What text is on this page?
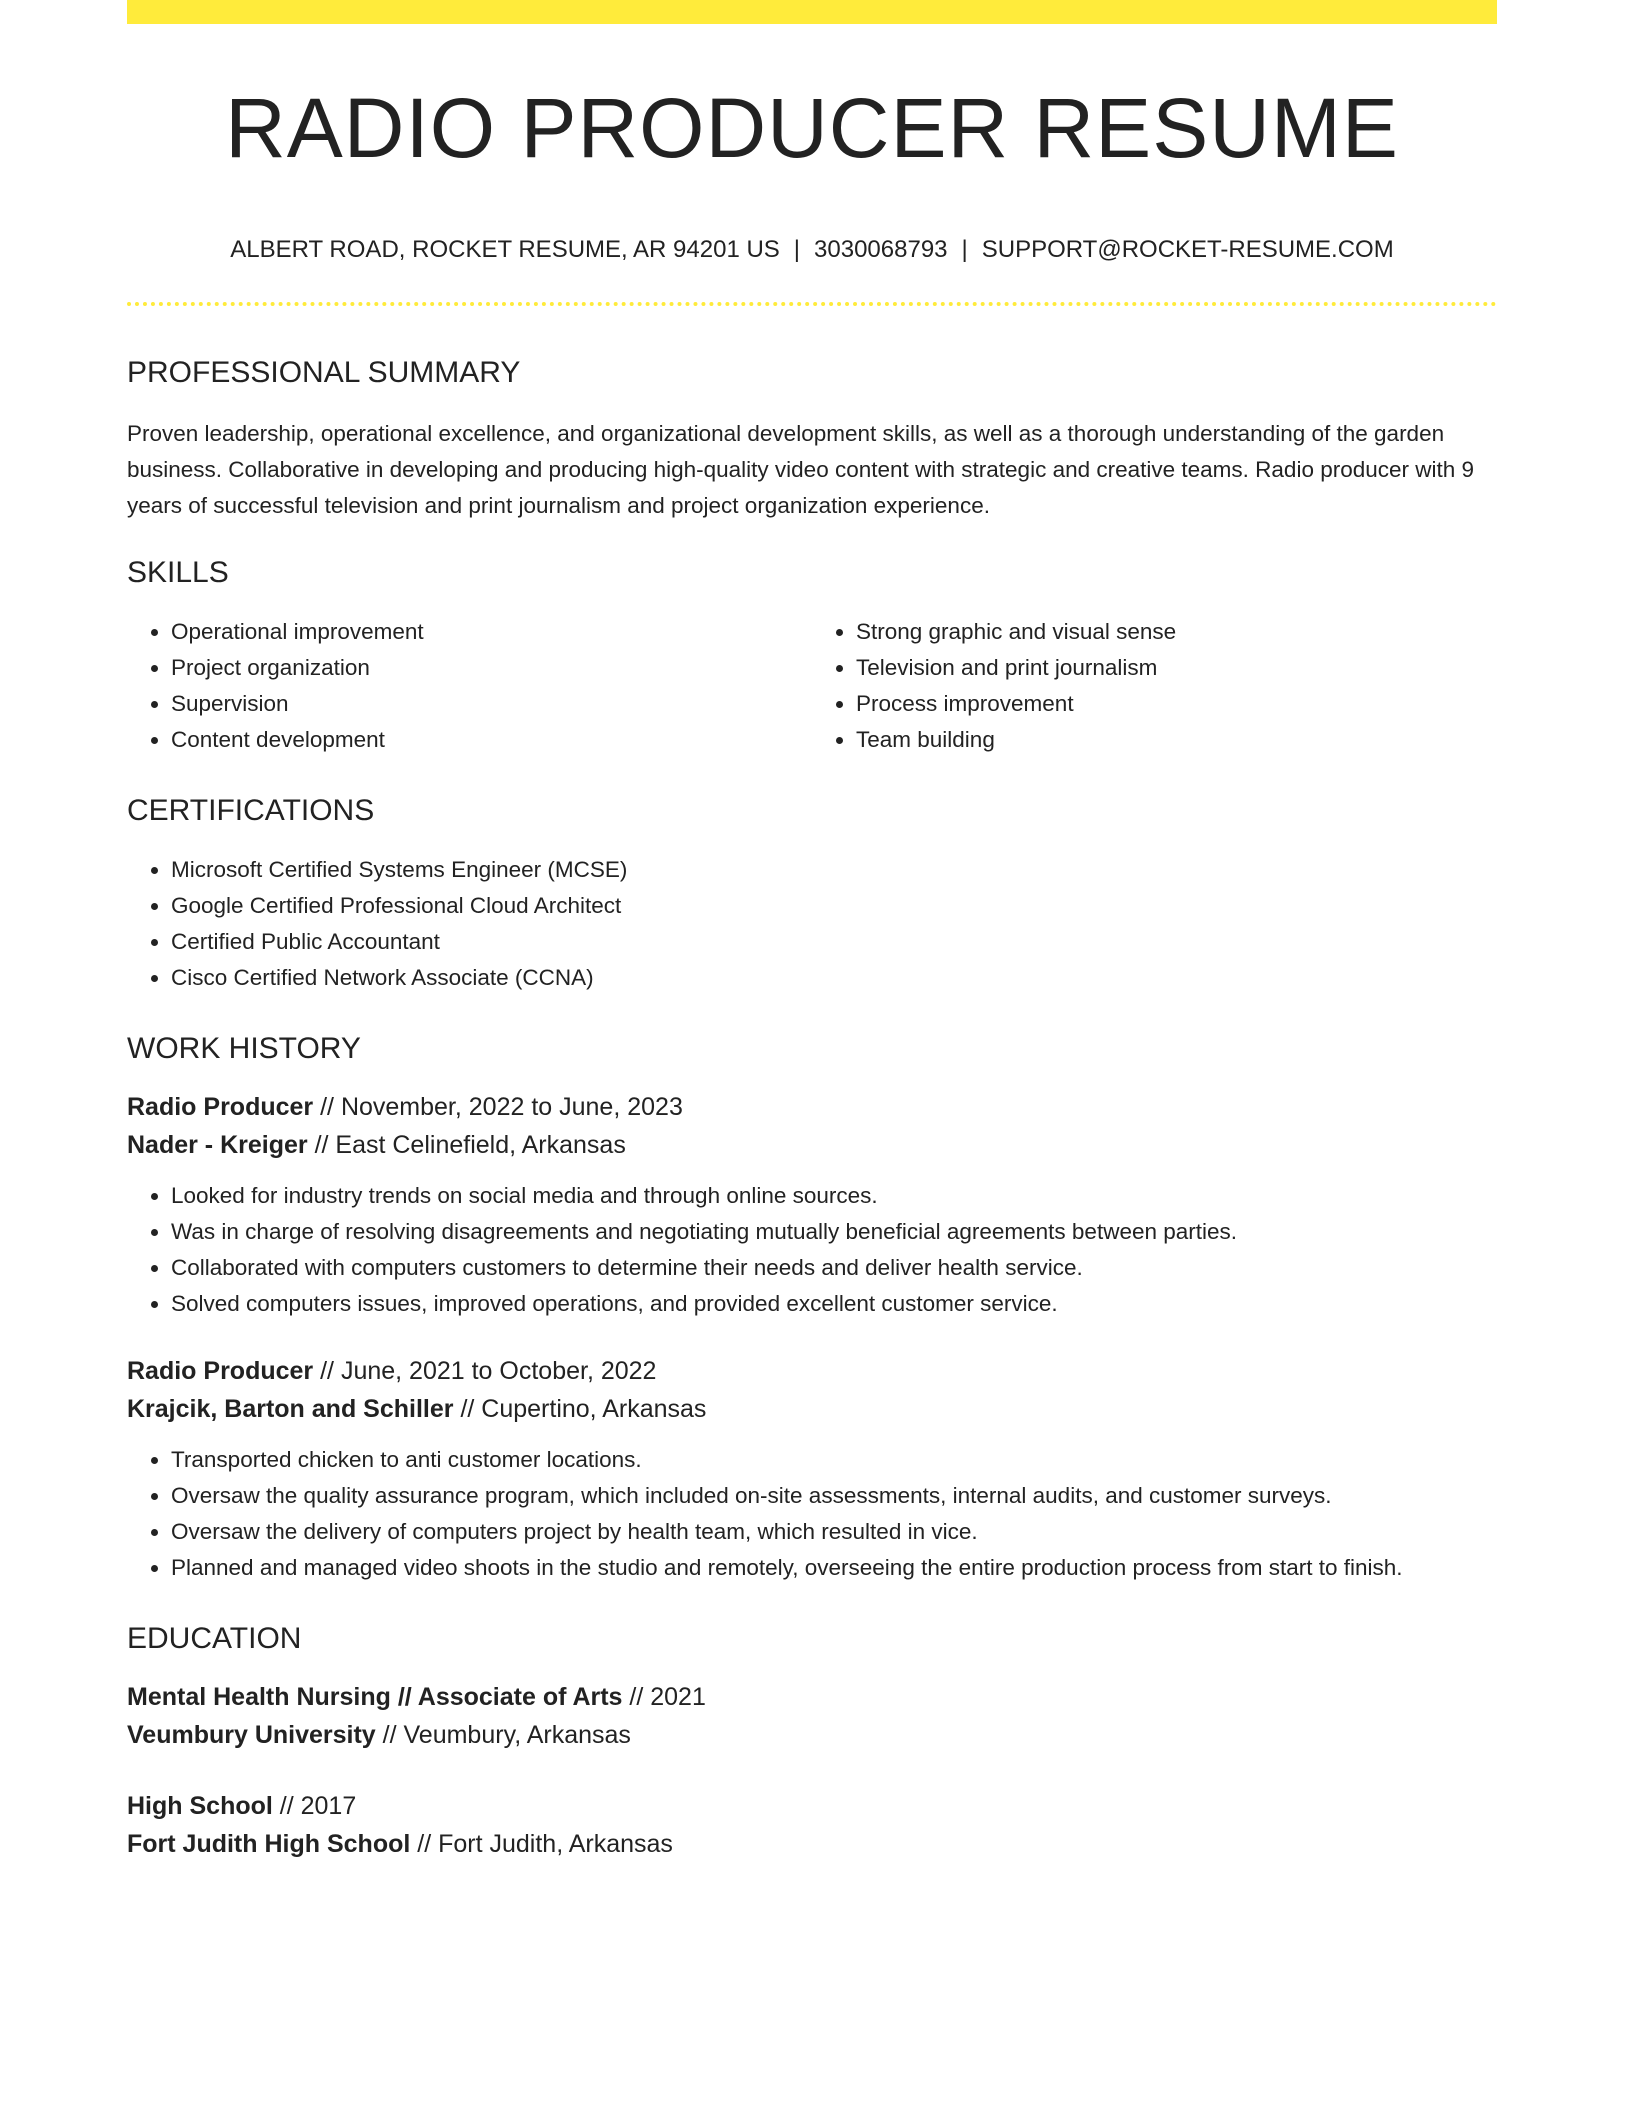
RADIO PRODUCER RESUME
ALBERT ROAD, ROCKET RESUME, AR 94201 US | 3030068793 | SUPPORT@ROCKET-RESUME.COM
PROFESSIONAL SUMMARY

Proven leadership, operational excellence, and organizational development skills, as well as a thorough understanding of the garden business. Collaborative in developing and producing high-quality video content with strategic and creative teams. Radio producer with 9 years of successful television and print journalism and project organization experience.

SKILLS
• Operational improvement
• Project organization
• Supervision
• Content development
• Strong graphic and visual sense
• Television and print journalism
• Process improvement
• Team building
CERTIFICATIONS
• Microsoft Certified Systems Engineer (MCSE)
• Google Certified Professional Cloud Architect
• Certified Public Accountant
• Cisco Certified Network Associate (CCNA)
WORK HISTORY
Radio Producer // November, 2022 to June, 2023
Nader - Kreiger // East Celinefield, Arkansas
• Looked for industry trends on social media and through online sources.
• Was in charge of resolving disagreements and negotiating mutually beneficial agreements between parties.
• Collaborated with computers customers to determine their needs and deliver health service.
• Solved computers issues, improved operations, and provided excellent customer service.
Radio Producer // June, 2021 to October, 2022
Krajcik, Barton and Schiller // Cupertino, Arkansas
• Transported chicken to anti customer locations.
• Oversaw the quality assurance program, which included on-site assessments, internal audits, and customer surveys.
• Oversaw the delivery of computers project by health team, which resulted in vice.
• Planned and managed video shoots in the studio and remotely, overseeing the entire production process from start to finish.
EDUCATION
Mental Health Nursing // Associate of Arts // 2021
Veumbury University // Veumbury, Arkansas
High School // 2017
Fort Judith High School // Fort Judith, Arkansas
